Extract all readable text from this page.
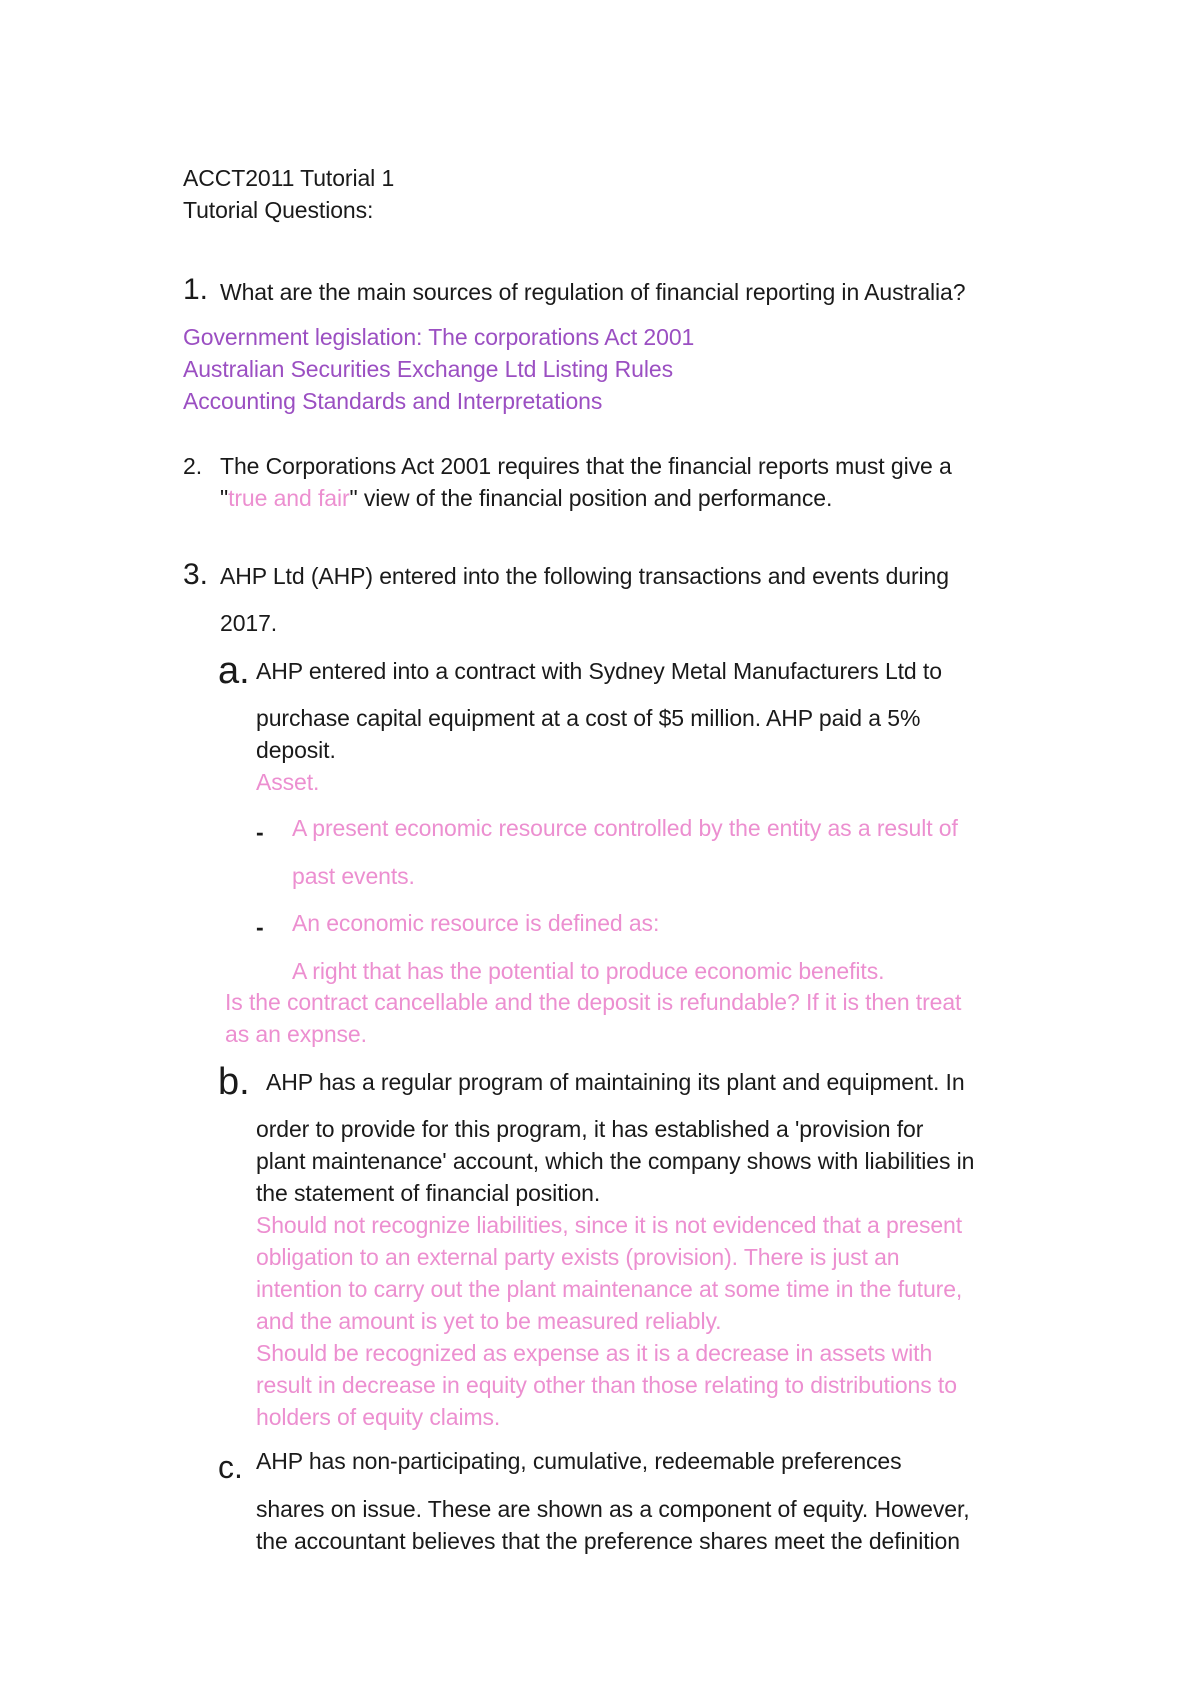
ACCT2011 Tutorial 1
Tutorial Questions:
1. What are the main sources of regulation of financial reporting in Australia?
Government legislation: The corporations Act 2001
Australian Securities Exchange Ltd Listing Rules
Accounting Standards and Interpretations
2. The Corporations Act 2001 requires that the financial reports must give a
"true and fair" view of the financial position and performance.
3. AHP Ltd (AHP) entered into the following transactions and events during
2017.
a. AHP entered into a contract with Sydney Metal Manufacturers Ltd to
purchase capital equipment at a cost of $5 million. AHP paid a 5%
deposit.
Asset.
- A present economic resource controlled by the entity as a result of
past events.
- An economic resource is defined as:
A right that has the potential to produce economic benefits.
Is the contract cancellable and the deposit is refundable? If it is then treat
as an expnse.
b. AHP has a regular program of maintaining its plant and equipment. In
order to provide for this program, it has established a 'provision for
plant maintenance' account, which the company shows with liabilities in
the statement of financial position.
Should not recognize liabilities, since it is not evidenced that a present
obligation to an external party exists (provision). There is just an
intention to carry out the plant maintenance at some time in the future,
and the amount is yet to be measured reliably.
Should be recognized as expense as it is a decrease in assets with
result in decrease in equity other than those relating to distributions to
holders of equity claims.
c. AHP has non-participating, cumulative, redeemable preferences
shares on issue. These are shown as a component of equity. However,
the accountant believes that the preference shares meet the definition
